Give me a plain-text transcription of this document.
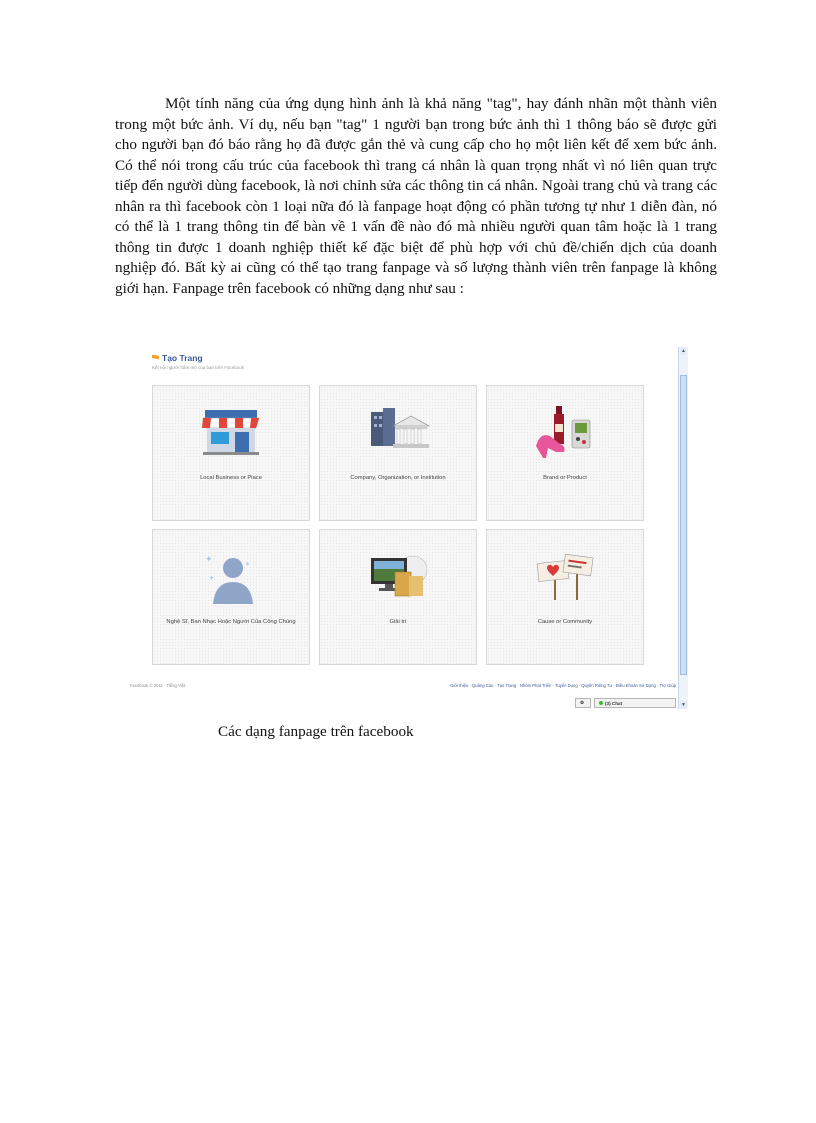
Một tính năng của ứng dụng hình ảnh là khả năng "tag", hay đánh nhãn một thành viên trong một bức ảnh. Ví dụ, nếu bạn "tag" 1 người bạn trong bức ảnh thì 1 thông báo sẽ được gửi cho người bạn đó báo rằng họ đã được gắn thẻ và cung cấp cho họ một liên kết để xem bức ảnh. Có thể nói trong cấu trúc của facebook thì trang cá nhân là quan trọng nhất vì nó liên quan trực tiếp đến người dùng facebook, là nơi chỉnh sửa các thông tin cá nhân. Ngoài trang chủ và trang các nhân ra thì facebook còn 1 loại nữa đó là fanpage hoạt động có phần tương tự như 1 diễn đàn, nó có thể là 1 trang thông tin để bàn về 1 vấn đề nào đó mà nhiều người quan tâm hoặc là 1 trang thông tin được 1 doanh nghiệp thiết kế đặc biệt để phù hợp với chủ đề/chiến dịch của doanh nghiệp đó. Bất kỳ ai cũng có thể tạo trang fanpage và số lượng thành viên trên fanpage là không giới hạn. Fanpage trên facebook có những dạng như sau :

Tạo Trang
Kết nối người hâm mộ của bạn trên Facebook
Local Business or Place	Company, Organization, or Institution	Brand or Product
✦
✦
✦
Nghệ Sĩ, Ban Nhạc Hoặc Người Của Công Chúng	Giải trí	Cause or Community
Facebook © 2011 · Tiếng Việt	Giới thiệu · Quảng Cáo · Tạo Trang · Nhóm Phát Triển · Tuyển Dụng · Quyền Riêng Tư · Điều Khoản Sử Dụng · Trợ Giúp
⚙	(3) Chat
▲
▼

Các dạng fanpage trên facebook
